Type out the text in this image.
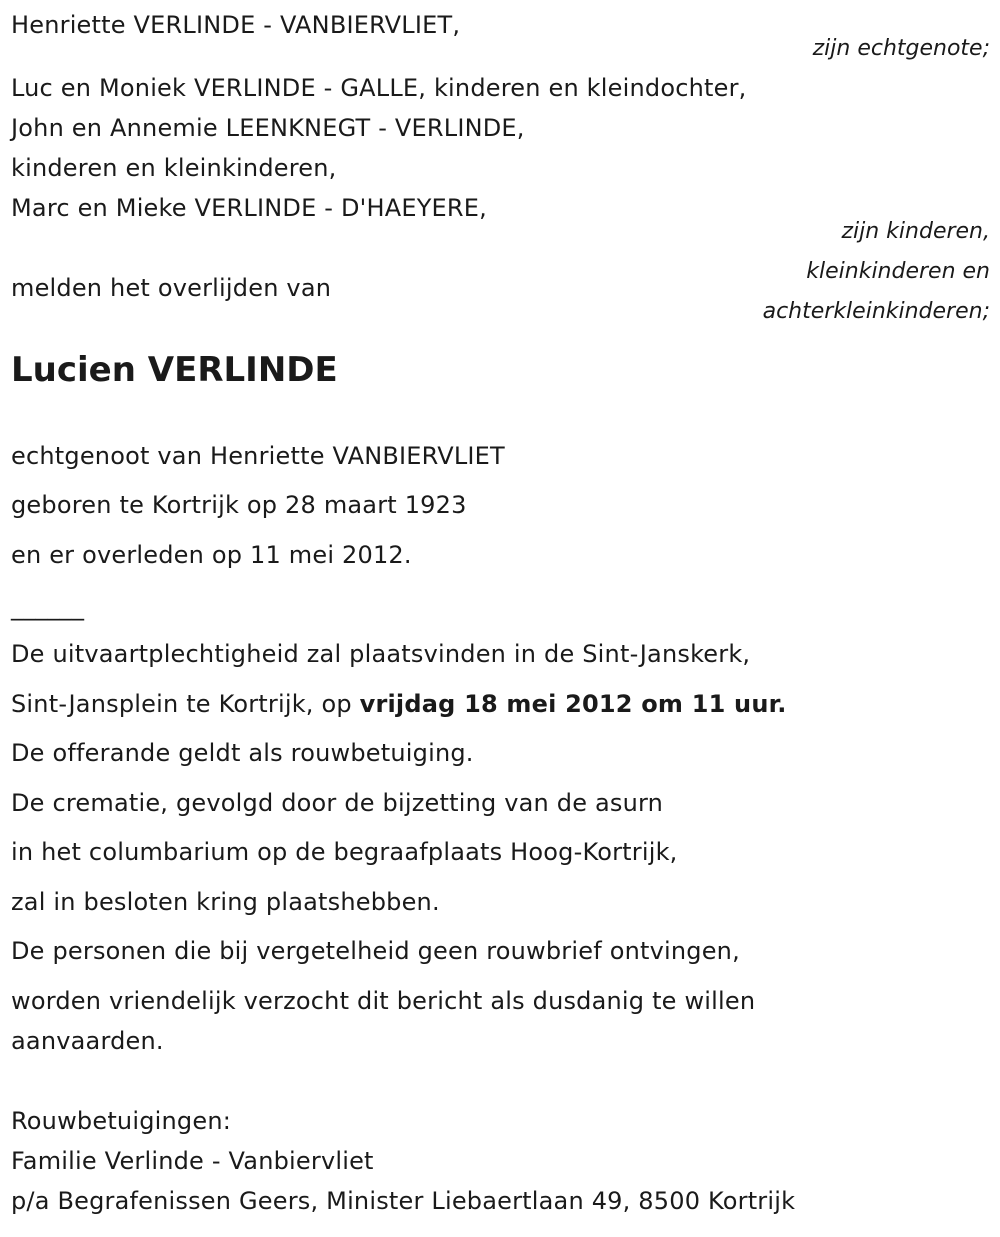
Henriette VERLINDE - VANBIERVLIET,
zijn echtgenote;
Luc en Moniek VERLINDE - GALLE, kinderen en kleindochter,
John en Annemie LEENKNEGT - VERLINDE,
kinderen en kleinkinderen,
Marc en Mieke VERLINDE - D'HAEYERE,
zijn kinderen,
kleinkinderen en
achterkleinkinderen;
melden het overlijden van
Lucien VERLINDE
echtgenoot van Henriette VANBIERVLIET
geboren te Kortrijk op 28 maart 1923
en er overleden op 11 mei 2012.
______
De uitvaartplechtigheid zal plaatsvinden in de Sint-Janskerk,
Sint-Jansplein te Kortrijk, op vrijdag 18 mei 2012 om 11 uur.
De offerande geldt als rouwbetuiging.
De crematie, gevolgd door de bijzetting van de asurn
in het columbarium op de begraafplaats Hoog-Kortrijk,
zal in besloten kring plaatshebben.
De personen die bij vergetelheid geen rouwbrief ontvingen,
worden vriendelijk verzocht dit bericht als dusdanig te willen
aanvaarden.
Rouwbetuigingen:
Familie Verlinde - Vanbiervliet
p/a Begrafenissen Geers, Minister Liebaertlaan 49, 8500 Kortrijk
